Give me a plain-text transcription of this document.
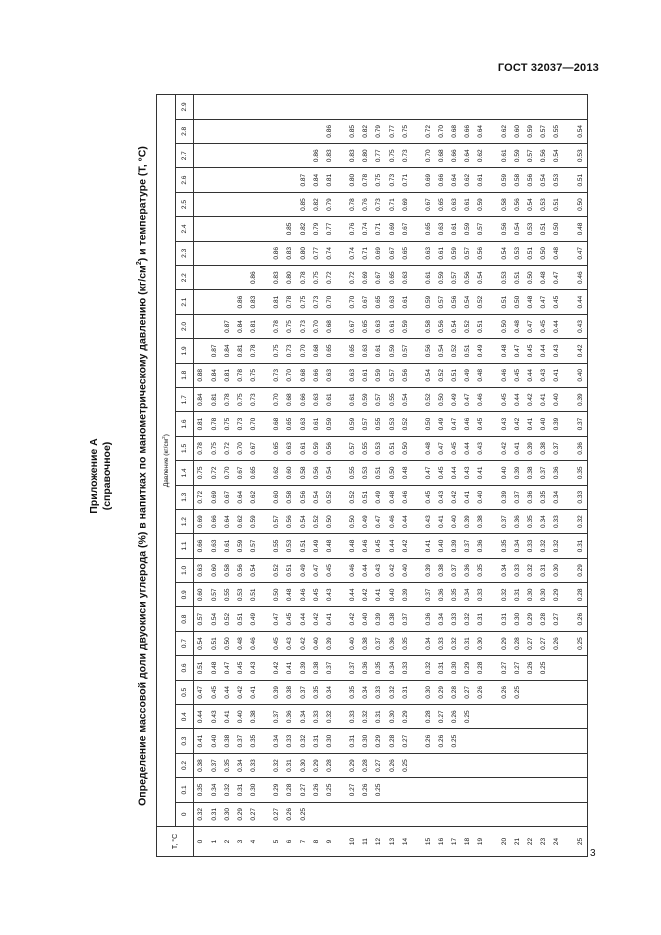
ГОСТ 32037—2013
Приложение А (справочное) Определение массовой доли двуокиси углерода (%) в напитках по манометрическому давлению $(кг/см^2)$ и температуре (Т, °С)
Т, °С	Давление $(кг/см^2)$																													
	0	0.1	0.2	0.3	0.4	0.5	0.6	0.7	0.8	0.9	1.0	1.1	1.2	1.3	1.4	1.5	1.6	1.7	1.8	1.9	2.0	2.1	2.2	2.3	2.4	2.5	2.6	2.7	2.8	2.9
0	0.32	0.35	0.38	0.41	0.44	0.47	0.51	0.54	0.57	0.60	0.63	0.66	0.69	0.72	0.75	0.78	0.81	0.84	0.88											
1	0.31	0.34	0.37	0.40	0.43	0.45	0.48	0.51	0.54	0.57	0.60	0.63	0.66	0.69	0.72	0.75	0.78	0.81	0.84	0.87										
2	0.30	0.32	0.35	0.38	0.41	0.44	0.47	0.50	0.52	0.55	0.58	0.61	0.64	0.67	0.70	0.72	0.75	0.78	0.81	0.84	0.87									
3	0.29	0.31	0.34	0.37	0.40	0.42	0.45	0.48	0.51	0.53	0.56	0.59	0.62	0.64	0.67	0.70	0.73	0.75	0.78	0.81	0.84	0.86								
4	0.27	0.30	0.33	0.35	0.38	0.41	0.43	0.46	0.49	0.51	0.54	0.57	0.59	0.62	0.65	0.67	0.70	0.73	0.75	0.78	0.81	0.83	0.86							

5	0.27	0.29	0.32	0.34	0.37	0.39	0.42	0.45	0.47	0.50	0.52	0.55	0.57	0.60	0.62	0.65	0.68	0.70	0.73	0.75	0.78	0.81	0.83	0.86						
6	0.26	0.28	0.31	0.33	0.36	0.38	0.41	0.43	0.45	0.48	0.51	0.53	0.56	0.58	0.60	0.63	0.65	0.68	0.70	0.73	0.75	0.78	0.80	0.83	0.85					
7	0.25	0.27	0.30	0.32	0.34	0.37	0.39	0.42	0.44	0.46	0.49	0.51	0.54	0.56	0.58	0.61	0.63	0.66	0.68	0.70	0.73	0.75	0.78	0.80	0.82	0.85	0.87			
8		0.26	0.29	0.31	0.33	0.35	0.38	0.40	0.42	0.45	0.47	0.49	0.52	0.54	0.56	0.59	0.61	0.63	0.66	0.68	0.70	0.73	0.75	0.77	0.79	0.82	0.84	0.86		
9		0.25	0.28	0.30	0.32	0.34	0.37	0.39	0.41	0.43	0.45	0.48	0.50	0.52	0.54	0.56	0.59	0.61	0.63	0.65	0.68	0.70	0.72	0.74	0.77	0.79	0.81	0.83	0.86	

10		0.27	0.29	0.31	0.33	0.35	0.37	0.40	0.42	0.44	0.46	0.48	0.50	0.52	0.55	0.57	0.59	0.61	0.63	0.65	0.67	0.70	0.72	0.74	0.76	0.78	0.80	0.83	0.85	
11		0.26	0.28	0.30	0.32	0.34	0.36	0.38	0.40	0.42	0.44	0.46	0.49	0.51	0.53	0.55	0.57	0.59	0.61	0.63	0.65	0.67	0.69	0.71	0.74	0.76	0.78	0.80	0.82	
12		0.25	0.27	0.29	0.31	0.33	0.35	0.37	0.39	0.41	0.43	0.45	0.47	0.49	0.51	0.53	0.55	0.57	0.59	0.61	0.63	0.65	0.67	0.69	0.71	0.73	0.75	0.77	0.79	
13			0.26	0.28	0.30	0.32	0.34	0.36	0.38	0.40	0.42	0.44	0.46	0.48	0.50	0.51	0.53	0.55	0.57	0.59	0.61	0.63	0.65	0.67	0.69	0.71	0.73	0.75	0.77	
14			0.25	0.27	0.29	0.31	0.33	0.35	0.37	0.39	0.40	0.42	0.44	0.46	0.48	0.50	0.52	0.54	0.56	0.57	0.59	0.61	0.63	0.65	0.67	0.69	0.71	0.73	0.75	

15				0.26	0.28	0.30	0.32	0.34	0.36	0.37	0.39	0.41	0.43	0.45	0.47	0.48	0.50	0.52	0.54	0.56	0.58	0.59	0.61	0.63	0.65	0.67	0.69	0.70	0.72	
16				0.26	0.27	0.29	0.31	0.33	0.34	0.36	0.38	0.40	0.41	0.43	0.45	0.47	0.49	0.50	0.52	0.54	0.56	0.57	0.59	0.61	0.63	0.65	0.66	0.68	0.70	
17				0.25	0.26	0.28	0.30	0.32	0.33	0.35	0.37	0.39	0.40	0.42	0.44	0.45	0.47	0.49	0.51	0.52	0.54	0.56	0.57	0.59	0.61	0.63	0.64	0.66	0.68	
18					0.25	0.27	0.29	0.31	0.32	0.34	0.36	0.37	0.39	0.41	0.43	0.44	0.46	0.47	0.49	0.51	0.52	0.54	0.56	0.57	0.59	0.61	0.62	0.64	0.66	
19						0.26	0.28	0.30	0.31	0.33	0.35	0.36	0.38	0.40	0.41	0.43	0.45	0.46	0.48	0.49	0.51	0.52	0.54	0.56	0.57	0.59	0.61	0.62	0.64	

20						0.26	0.27	0.29	0.31	0.32	0.34	0.35	0.37	0.39	0.40	0.42	0.43	0.45	0.46	0.48	0.50	0.51	0.53	0.54	0.56	0.58	0.59	0.61	0.62	
21						0.25	0.27	0.28	0.30	0.31	0.33	0.34	0.36	0.37	0.39	0.41	0.42	0.44	0.45	0.47	0.48	0.50	0.51	0.53	0.54	0.56	0.58	0.59	0.60	
22							0.26	0.27	0.29	0.30	0.32	0.33	0.35	0.36	0.38	0.39	0.41	0.42	0.44	0.45	0.47	0.48	0.50	0.51	0.53	0.54	0.56	0.57	0.59	
23							0.25	0.27	0.28	0.30	0.31	0.32	0.34	0.35	0.37	0.38	0.40	0.41	0.43	0.44	0.45	0.47	0.48	0.50	0.51	0.53	0.54	0.56	0.57	
24								0.26	0.27	0.29	0.30	0.32	0.33	0.34	0.36	0.37	0.39	0.40	0.41	0.43	0.44	0.45	0.47	0.48	0.50	0.51	0.53	0.54	0.55	

25								0.25	0.26	0.28	0.29	0.31	0.32	0.33	0.35	0.36	0.37	0.39	0.40	0.42	0.43	0.44	0.46	0.47	0.48	0.50	0.51	0.53	0.54	
3
